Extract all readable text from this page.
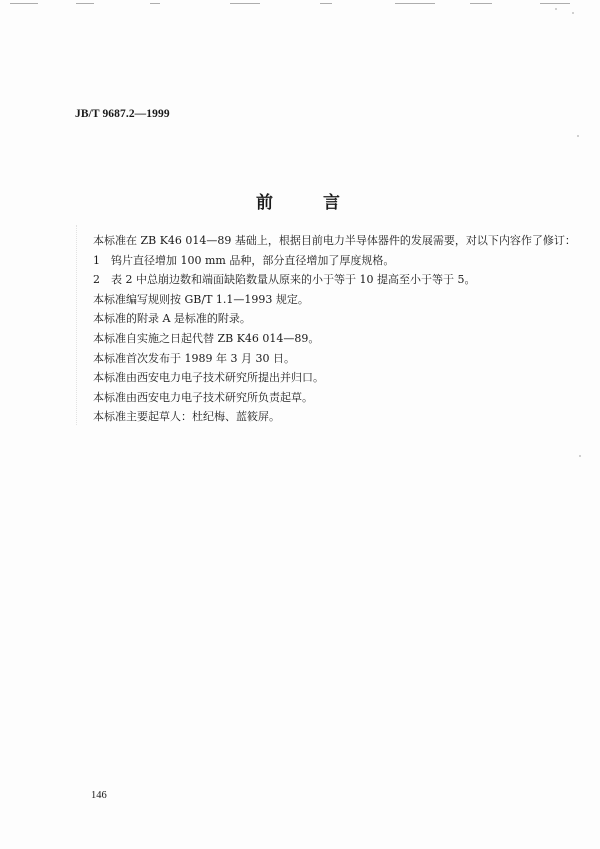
JB/T 9687.2—1999
前 言
本标准在 ZB K46 014—89 基础上，根据目前电力半导体器件的发展需要，对以下内容作了修订：
1　钨片直径增加 100 mm 品种，部分直径增加了厚度规格。
2　表 2 中总崩边数和端面缺陷数量从原来的小于等于 10 提高至小于等于 5。
本标准编写规则按 GB/T 1.1—1993 规定。
本标准的附录 A 是标准的附录。
本标准自实施之日起代替 ZB K46 014—89。
本标准首次发布于 1989 年 3 月 30 日。
本标准由西安电力电子技术研究所提出并归口。
本标准由西安电力电子技术研究所负责起草。
本标准主要起草人：杜纪梅、蓝筱屏。
146
